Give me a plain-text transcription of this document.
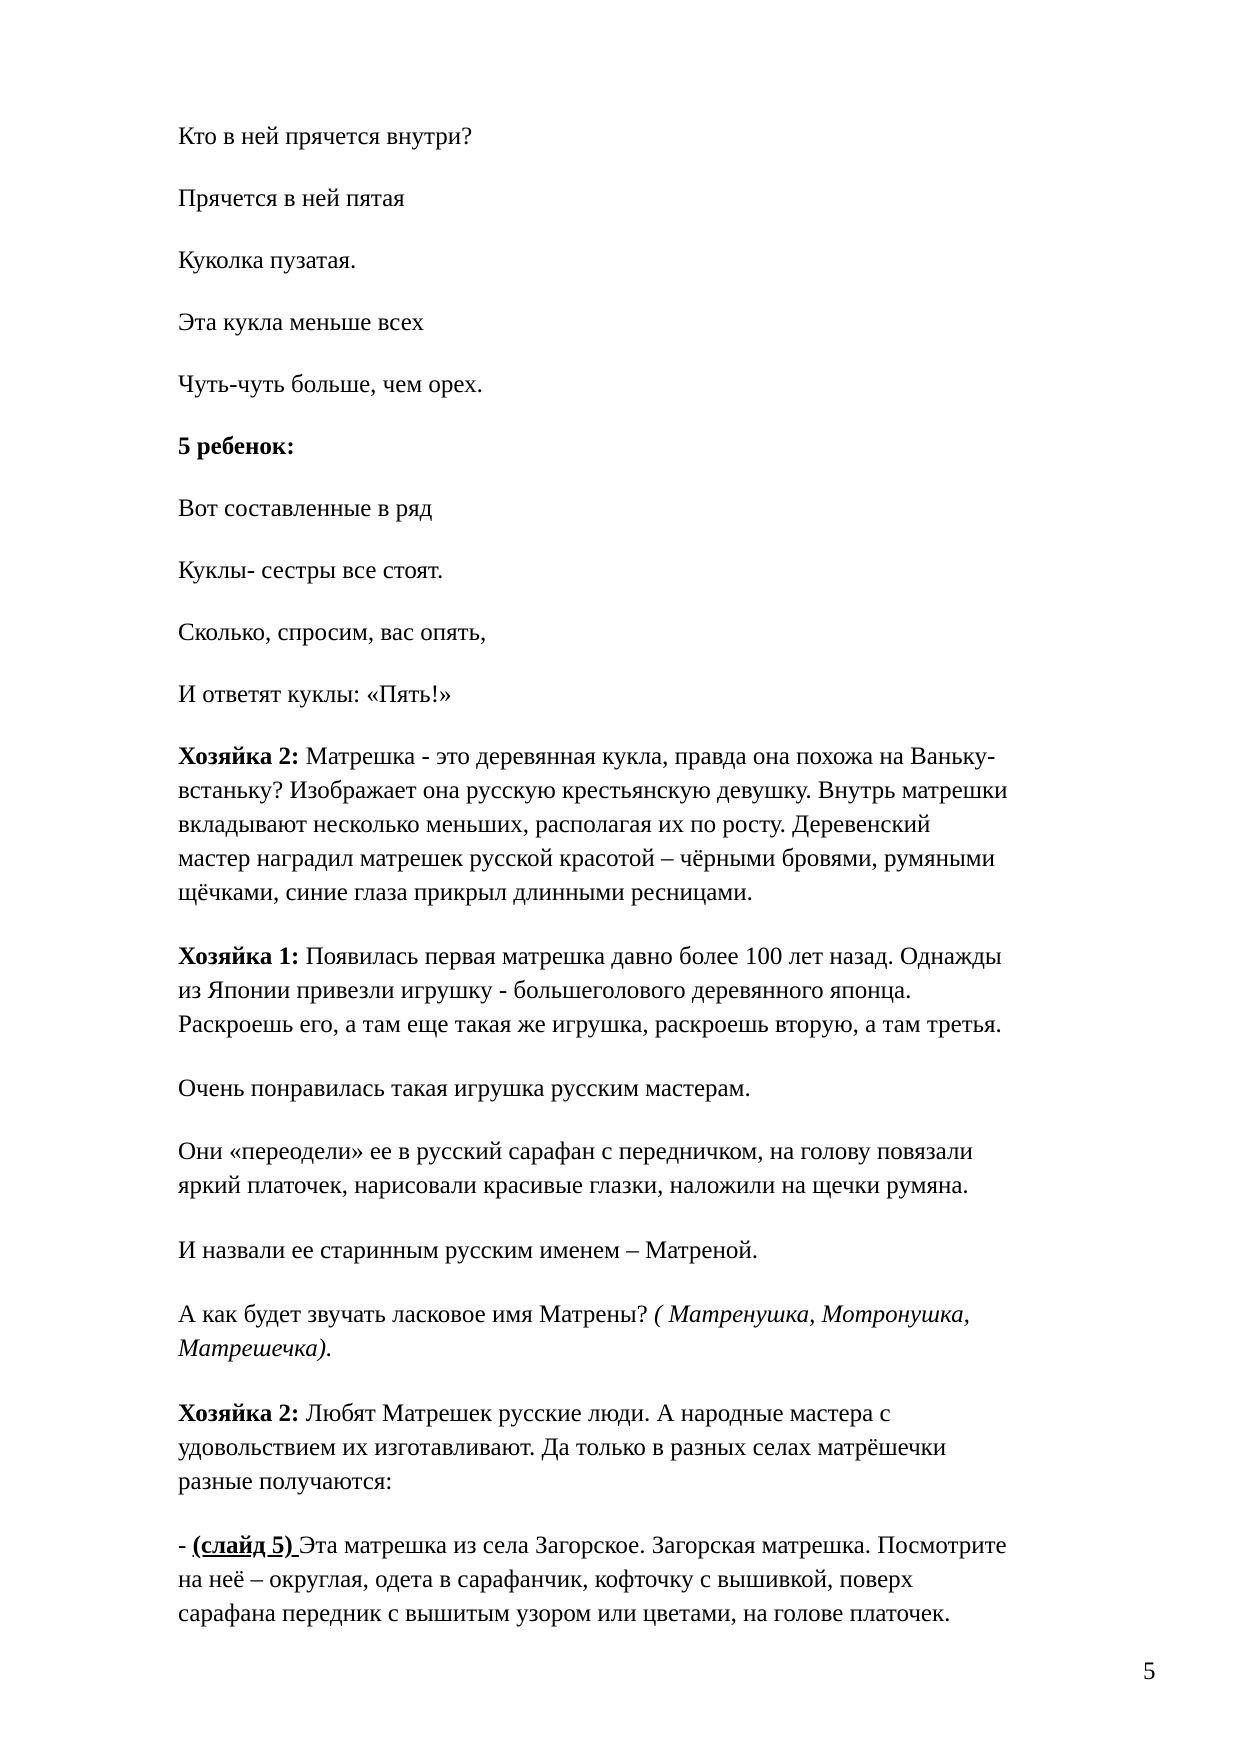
Кто в ней прячется внутри?

Прячется в ней пятая

Куколка пузатая.

Эта кукла меньше всех

Чуть-чуть больше, чем орех.

5 ребенок:

Вот составленные в ряд

Куклы- сестры все стоят.

Сколько, спросим, вас опять,

И ответят куклы: «Пять!»

Хозяйка 2: Матрешка - это деревянная кукла, правда она похожа на Ваньку-
встаньку? Изображает она русскую крестьянскую девушку. Внутрь матрешки
вкладывают несколько меньших, располагая их по росту. Деревенский
мастер наградил матрешек русской красотой – чёрными бровями, румяными
щёчками, синие глаза прикрыл длинными ресницами.
Хозяйка 1: Появилась первая матрешка давно более 100 лет назад. Однажды
из Японии привезли игрушку - большеголового деревянного японца.
Раскроешь его, а там еще такая же игрушка, раскроешь вторую, а там третья.
Очень понравилась такая игрушка русским мастерам.
Они «переодели» ее в русский сарафан с передничком, на голову повязали
яркий платочек, нарисовали красивые глазки, наложили на щечки румяна.
И назвали ее старинным русским именем – Матреной.
А как будет звучать ласковое имя Матрены? ( Матренушка, Мотронушка,
Матрешечка).
Хозяйка 2: Любят Матрешек русские люди. А народные мастера с
удовольствием их изготавливают. Да только в разных селах матрёшечки
разные получаются:
- (слайд 5) Эта матрешка из села Загорское. Загорская матрешка. Посмотрите
на неё – округлая, одета в сарафанчик, кофточку с вышивкой, поверх
сарафана передник с вышитым узором или цветами, на голове платочек.
5
